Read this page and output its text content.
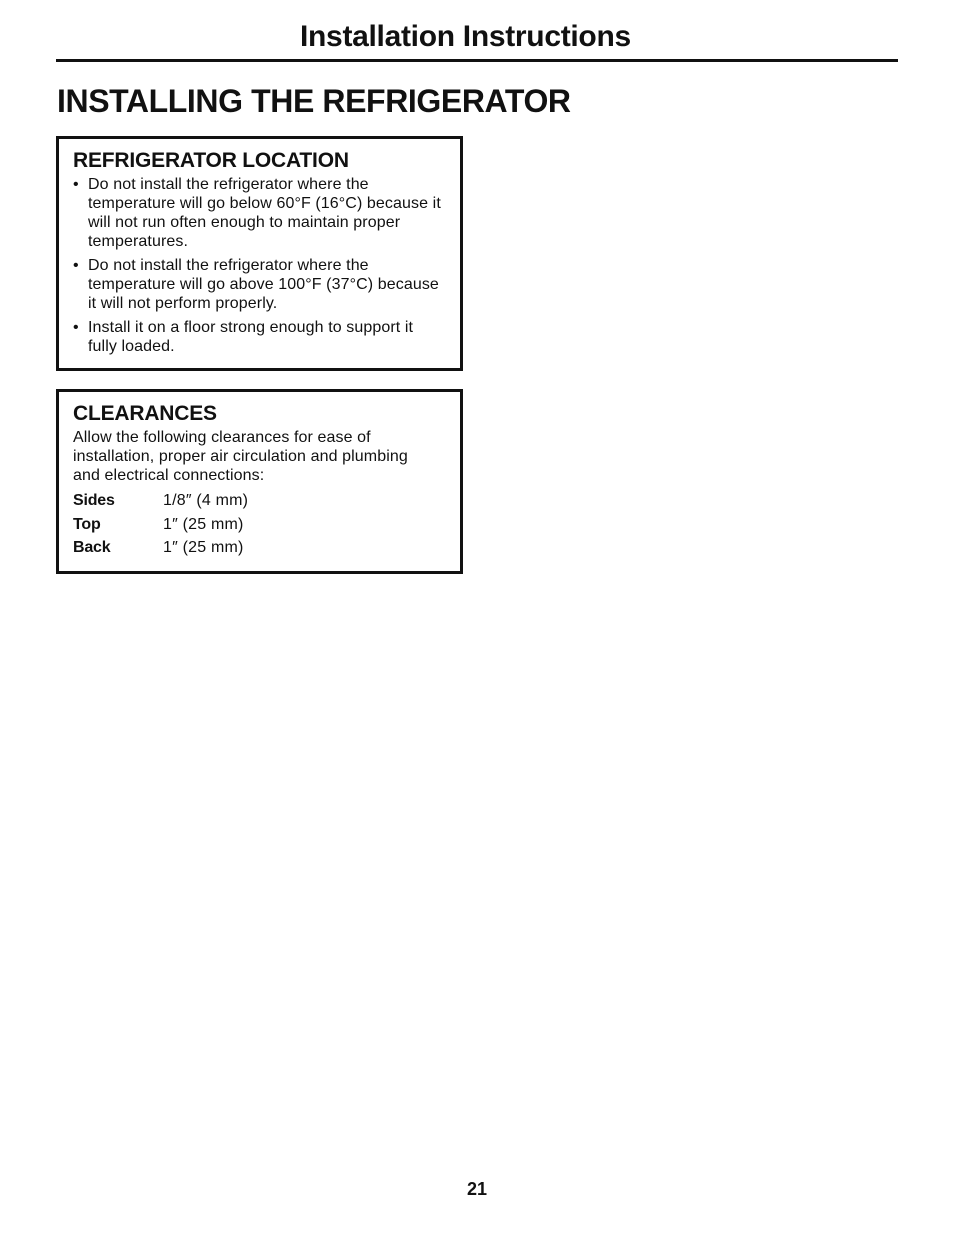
Installation Instructions
INSTALLING THE REFRIGERATOR
REFRIGERATOR LOCATION
• Do not install the refrigerator where the temperature will go below 60°F (16°C) because it will not run often enough to maintain proper temperatures.
• Do not install the refrigerator where the temperature will go above 100°F (37°C) because it will not perform properly.
• Install it on a floor strong enough to support it fully loaded.
CLEARANCES

Allow the following clearances for ease of installation, proper air circulation and plumbing and electrical connections:

Sides	1/8″ (4 mm)
Top	1″ (25 mm)
Back	1″ (25 mm)
21
